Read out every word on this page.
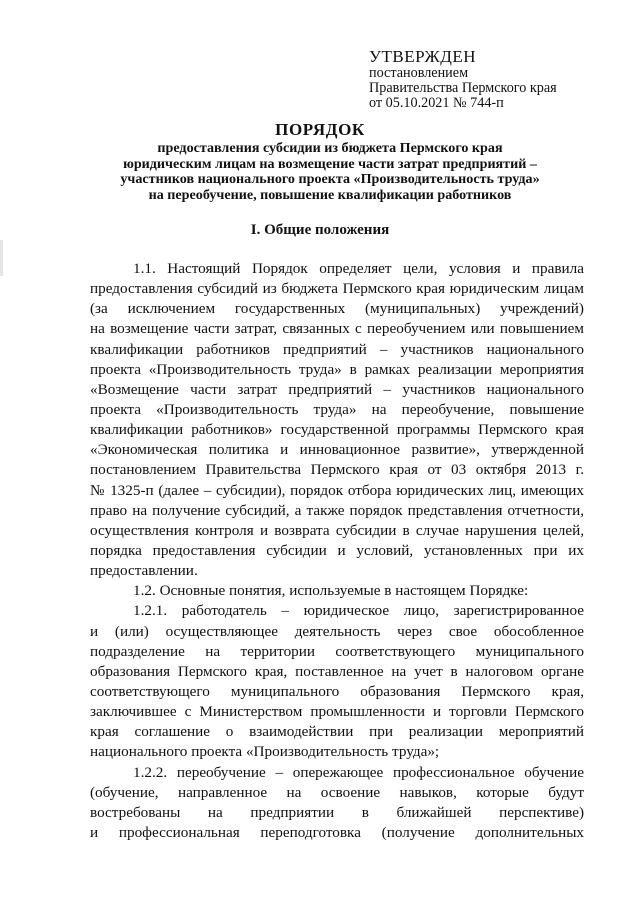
УТВЕРЖДЕН
постановлением
Правительства Пермского края
от 05.10.2021 № 744-п
ПОРЯДОК
предоставления субсидии из бюджета Пермского края
юридическим лицам на возмещение части затрат предприятий –
участников национального проекта «Производительность труда»
на переобучение, повышение квалификации работников
I. Общие положения
1.1. Настоящий Порядок определяет цели, условия и правила
предоставления субсидий из бюджета Пермского края юридическим лицам
(за исключением государственных (муниципальных) учреждений)
на возмещение части затрат, связанных с переобучением или повышением
квалификации работников предприятий – участников национального
проекта «Производительность труда» в рамках реализации мероприятия
«Возмещение части затрат предприятий – участников национального
проекта «Производительность труда» на переобучение, повышение
квалификации работников» государственной программы Пермского края
«Экономическая политика и инновационное развитие», утвержденной
постановлением Правительства Пермского края от 03 октября 2013 г.
№ 1325-п (далее – субсидии), порядок отбора юридических лиц, имеющих
право на получение субсидий, а также порядок представления отчетности,
осуществления контроля и возврата субсидии в случае нарушения целей,
порядка предоставления субсидии и условий, установленных при их
предоставлении.
1.2. Основные понятия, используемые в настоящем Порядке:
1.2.1. работодатель – юридическое лицо, зарегистрированное
и (или) осуществляющее деятельность через свое обособленное
подразделение на территории соответствующего муниципального
образования Пермского края, поставленное на учет в налоговом органе
соответствующего муниципального образования Пермского края,
заключившее с Министерством промышленности и торговли Пермского
края соглашение о взаимодействии при реализации мероприятий
национального проекта «Производительность труда»;
1.2.2. переобучение – опережающее профессиональное обучение
(обучение, направленное на освоение навыков, которые будут
востребованы на предприятии в ближайшей перспективе)
и профессиональная переподготовка (получение дополнительных
